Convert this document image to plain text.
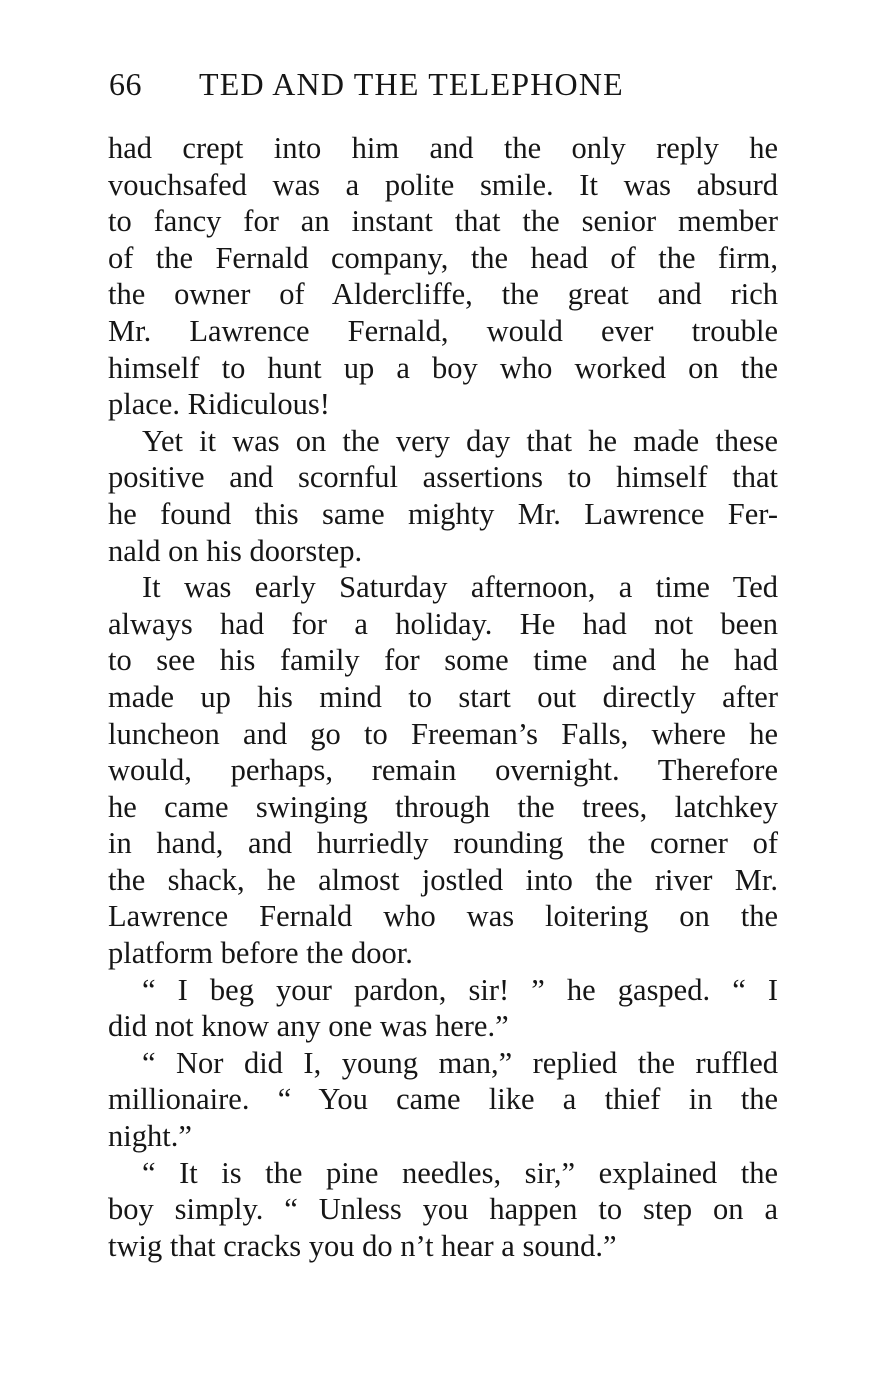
66 TED AND THE TELEPHONE
had crept into him and the only reply he
vouchsafed was a polite smile. It was absurd
to fancy for an instant that the senior member
of the Fernald company, the head of the firm,
the owner of Aldercliffe, the great and rich
Mr. Lawrence Fernald, would ever trouble
himself to hunt up a boy who worked on the
place. Ridiculous!
Yet it was on the very day that he made these
positive and scornful assertions to himself that
he found this same mighty Mr. Lawrence Fer-
nald on his doorstep.
It was early Saturday afternoon, a time Ted
always had for a holiday. He had not been
to see his family for some time and he had
made up his mind to start out directly after
luncheon and go to Freeman’s Falls, where he
would, perhaps, remain overnight. Therefore
he came swinging through the trees, latchkey
in hand, and hurriedly rounding the corner of
the shack, he almost jostled into the river Mr.
Lawrence Fernald who was loitering on the
platform before the door.
“ I beg your pardon, sir! ” he gasped. “ I
did not know any one was here.”
“ Nor did I, young man,” replied the ruffled
millionaire. “ You came like a thief in the
night.”
“ It is the pine needles, sir,” explained the
boy simply. “ Unless you happen to step on a
twig that cracks you do n’t hear a sound.”
